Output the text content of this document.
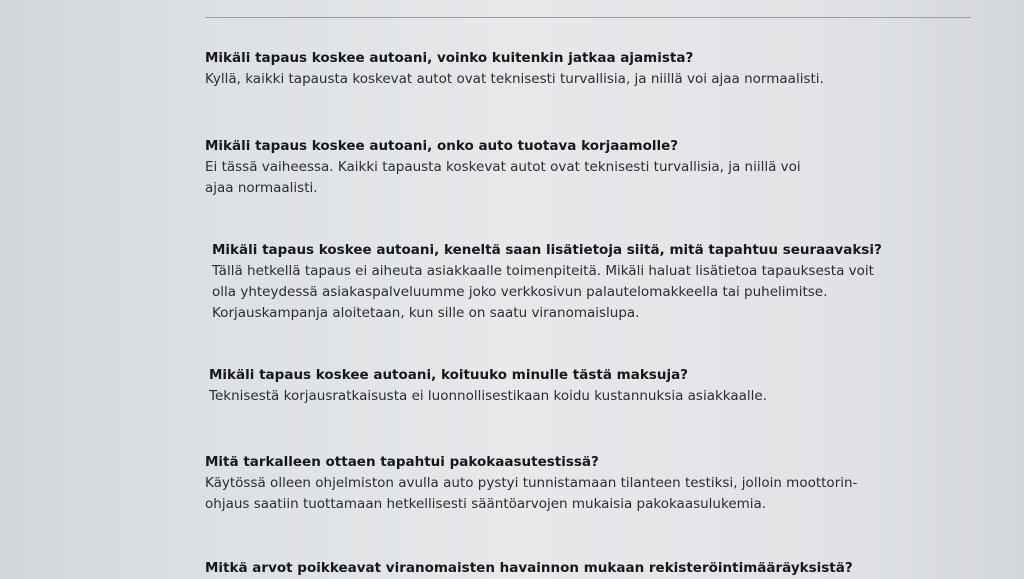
Mikäli tapaus koskee autoani, voinko kuitenkin jatkaa ajamista?
Kyllä, kaikki tapausta koskevat autot ovat teknisesti turvallisia, ja niillä voi ajaa normaalisti.
Mikäli tapaus koskee autoani, onko auto tuotava korjaamolle?
Ei tässä vaiheessa. Kaikki tapausta koskevat autot ovat teknisesti turvallisia, ja niillä voi
ajaa normaalisti.
Mikäli tapaus koskee autoani, keneltä saan lisätietoja siitä, mitä tapahtuu seuraavaksi?
Tällä hetkellä tapaus ei aiheuta asiakkaalle toimenpiteitä. Mikäli haluat lisätietoa tapauksesta voit
olla yhteydessä asiakaspalveluumme joko verkkosivun palautelomakkeella tai puhelimitse.
Korjauskampanja aloitetaan, kun sille on saatu viranomaislupa.
Mikäli tapaus koskee autoani, koituuko minulle tästä maksuja?
Teknisestä korjausratkaisusta ei luonnollisestikaan koidu kustannuksia asiakkaalle.
Mitä tarkalleen ottaen tapahtui pakokaasutestissä?
Käytössä olleen ohjelmiston avulla auto pystyi tunnistamaan tilanteen testiksi, jolloin moottorin-
ohjaus saatiin tuottamaan hetkellisesti sääntöarvojen mukaisia pakokaasulukemia.
Mitkä arvot poikkeavat viranomaisten havainnon mukaan rekisteröintimääräyksistä?
